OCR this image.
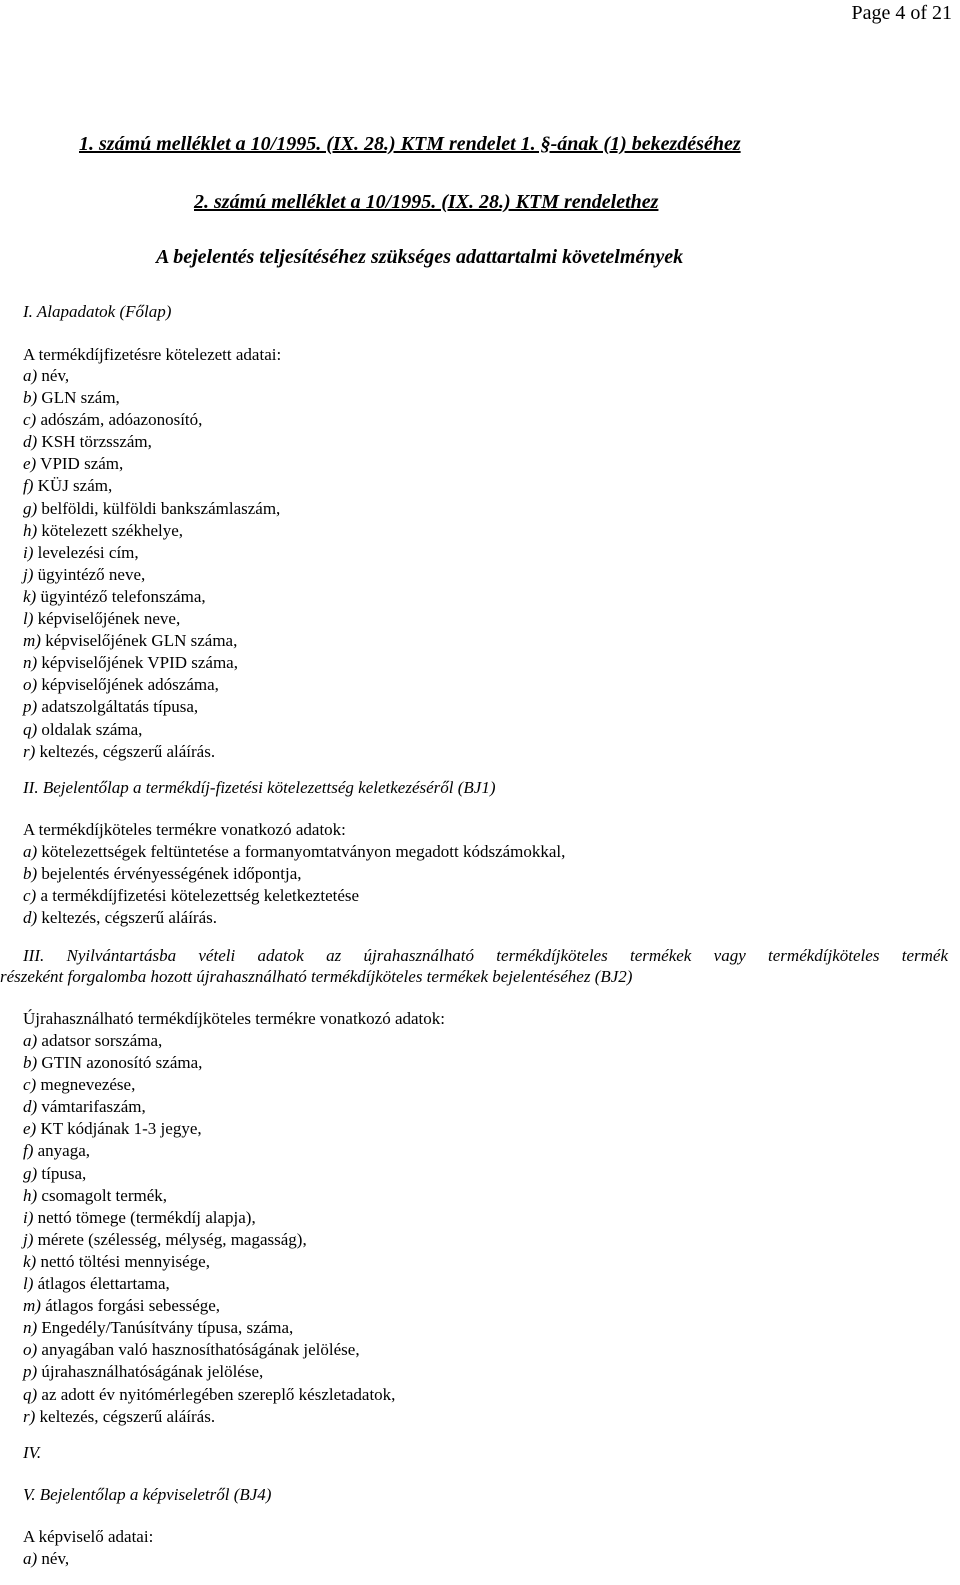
Page 4 of 21
1. számú melléklet a 10/1995. (IX. 28.) KTM rendelet 1. §-ának (1) bekezdéséhez
2. számú melléklet a 10/1995. (IX. 28.) KTM rendelethez
A bejelentés teljesítéséhez szükséges adattartalmi követelmények
I. Alapadatok (Főlap)
A termékdíjfizetésre kötelezett adatai:
a) név,
b) GLN szám,
c) adószám, adóazonosító,
d) KSH törzsszám,
e) VPID szám,
f) KÜJ szám,
g) belföldi, külföldi bankszámlaszám,
h) kötelezett székhelye,
i) levelezési cím,
j) ügyintéző neve,
k) ügyintéző telefonszáma,
l) képviselőjének neve,
m) képviselőjének GLN száma,
n) képviselőjének VPID száma,
o) képviselőjének adószáma,
p) adatszolgáltatás típusa,
q) oldalak száma,
r) keltezés, cégszerű aláírás.
II. Bejelentőlap a termékdíj-fizetési kötelezettség keletkezéséről (BJ1)
A termékdíjköteles termékre vonatkozó adatok:
a) kötelezettségek feltüntetése a formanyomtatványon megadott kódszámokkal,
b) bejelentés érvényességének időpontja,
c) a termékdíjfizetési kötelezettség keletkeztetése
d) keltezés, cégszerű aláírás.
III. Nyilvántartásba vételi adatok az újrahasználható termékdíjköteles termékek vagy termékdíjköteles termék
részeként forgalomba hozott újrahasználható termékdíjköteles termékek bejelentéséhez (BJ2)
Újrahasználható termékdíjköteles termékre vonatkozó adatok:
a) adatsor sorszáma,
b) GTIN azonosító száma,
c) megnevezése,
d) vámtarifaszám,
e) KT kódjának 1-3 jegye,
f) anyaga,
g) típusa,
h) csomagolt termék,
i) nettó tömege (termékdíj alapja),
j) mérete (szélesség, mélység, magasság),
k) nettó töltési mennyisége,
l) átlagos élettartama,
m) átlagos forgási sebessége,
n) Engedély/Tanúsítvány típusa, száma,
o) anyagában való hasznosíthatóságának jelölése,
p) újrahasználhatóságának jelölése,
q) az adott év nyitómérlegében szereplő készletadatok,
r) keltezés, cégszerű aláírás.
IV.
V. Bejelentőlap a képviseletről (BJ4)
A képviselő adatai:
a) név,
